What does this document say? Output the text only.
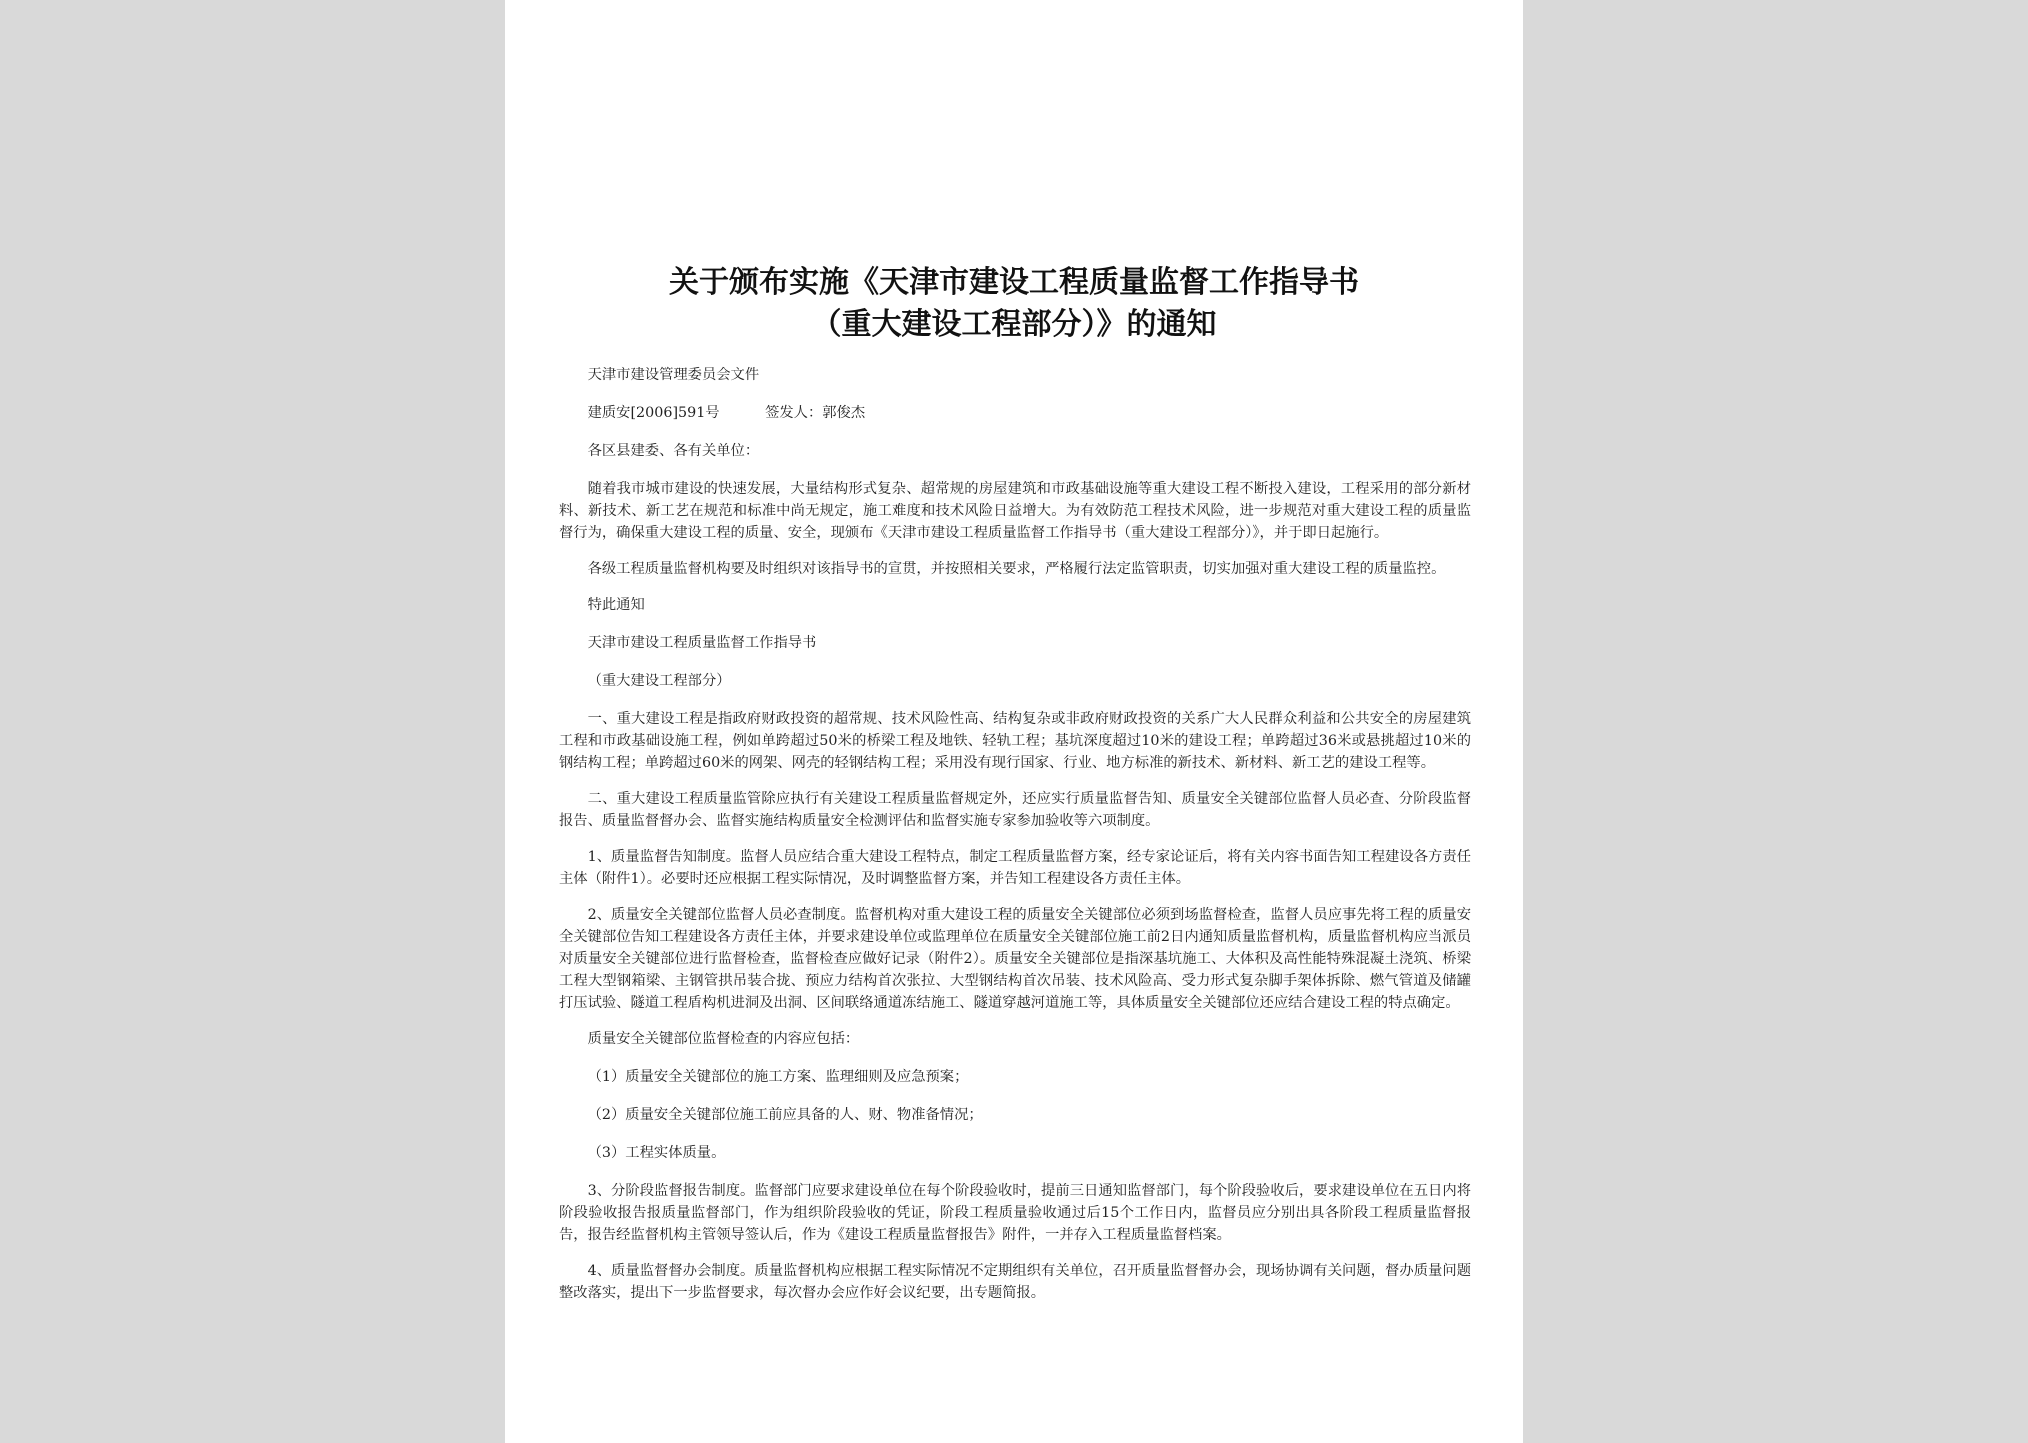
关于颁布实施《天津市建设工程质量监督工作指导书
（重大建设工程部分）》的通知

天津市建设管理委员会文件

建质安[2006]591号	签发人：郭俊杰

各区县建委、各有关单位：

随着我市城市建设的快速发展，大量结构形式复杂、超常规的房屋建筑和市政基础设施等重大建设工程不断投入建设，工程采用的部分新材料、新技术、新工艺在规范和标准中尚无规定，施工难度和技术风险日益增大。为有效防范工程技术风险，进一步规范对重大建设工程的质量监督行为，确保重大建设工程的质量、安全，现颁布《天津市建设工程质量监督工作指导书（重大建设工程部分）》，并于即日起施行。

各级工程质量监督机构要及时组织对该指导书的宣贯，并按照相关要求，严格履行法定监管职责，切实加强对重大建设工程的质量监控。

特此通知

天津市建设工程质量监督工作指导书

（重大建设工程部分）

一、重大建设工程是指政府财政投资的超常规、技术风险性高、结构复杂或非政府财政投资的关系广大人民群众利益和公共安全的房屋建筑工程和市政基础设施工程，例如单跨超过50米的桥梁工程及地铁、轻轨工程；基坑深度超过10米的建设工程；单跨超过36米或悬挑超过10米的钢结构工程；单跨超过60米的网架、网壳的轻钢结构工程；采用没有现行国家、行业、地方标准的新技术、新材料、新工艺的建设工程等。

二、重大建设工程质量监管除应执行有关建设工程质量监督规定外，还应实行质量监督告知、质量安全关键部位监督人员必查、分阶段监督报告、质量监督督办会、监督实施结构质量安全检测评估和监督实施专家参加验收等六项制度。

1、质量监督告知制度。监督人员应结合重大建设工程特点，制定工程质量监督方案，经专家论证后，将有关内容书面告知工程建设各方责任主体（附件1）。必要时还应根据工程实际情况，及时调整监督方案，并告知工程建设各方责任主体。

2、质量安全关键部位监督人员必查制度。监督机构对重大建设工程的质量安全关键部位必须到场监督检查，监督人员应事先将工程的质量安全关键部位告知工程建设各方责任主体，并要求建设单位或监理单位在质量安全关键部位施工前2日内通知质量监督机构，质量监督机构应当派员对质量安全关键部位进行监督检查，监督检查应做好记录（附件2）。质量安全关键部位是指深基坑施工、大体积及高性能特殊混凝土浇筑、桥梁工程大型钢箱梁、主钢管拱吊装合拢、预应力结构首次张拉、大型钢结构首次吊装、技术风险高、受力形式复杂脚手架体拆除、燃气管道及储罐打压试验、隧道工程盾构机进洞及出洞、区间联络通道冻结施工、隧道穿越河道施工等，具体质量安全关键部位还应结合建设工程的特点确定。

质量安全关键部位监督检查的内容应包括：

（1）质量安全关键部位的施工方案、监理细则及应急预案；

（2）质量安全关键部位施工前应具备的人、财、物准备情况；

（3）工程实体质量。

3、分阶段监督报告制度。监督部门应要求建设单位在每个阶段验收时，提前三日通知监督部门，每个阶段验收后，要求建设单位在五日内将阶段验收报告报质量监督部门，作为组织阶段验收的凭证，阶段工程质量验收通过后15个工作日内，监督员应分别出具各阶段工程质量监督报告，报告经监督机构主管领导签认后，作为《建设工程质量监督报告》附件，一并存入工程质量监督档案。

4、质量监督督办会制度。质量监督机构应根据工程实际情况不定期组织有关单位，召开质量监督督办会，现场协调有关问题，督办质量问题整改落实，提出下一步监督要求，每次督办会应作好会议纪要，出专题简报。
